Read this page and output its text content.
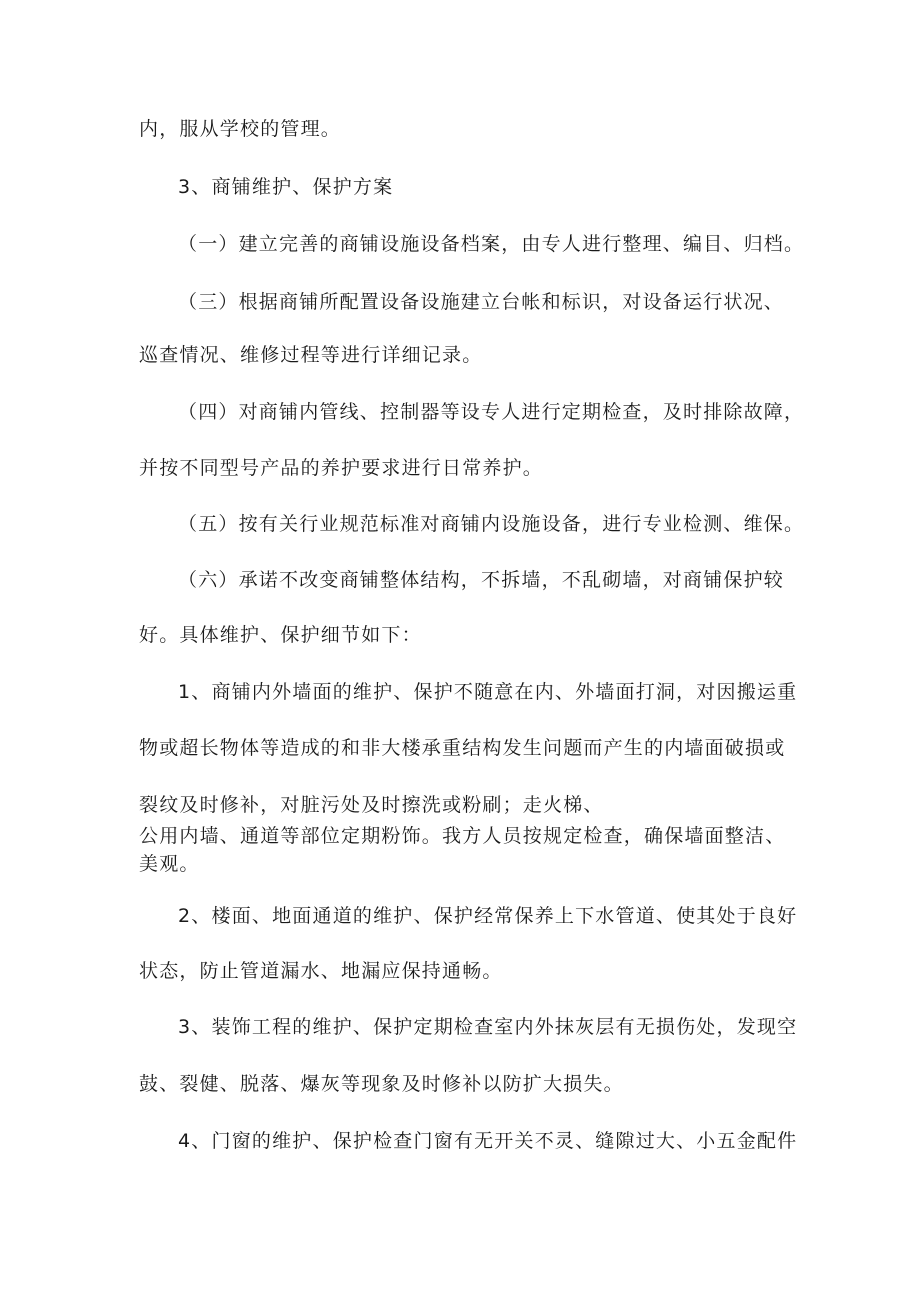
内，服从学校的管理。
3、商铺维护、保护方案
（一）建立完善的商铺设施设备档案，由专人进行整理、编目、归档。
（三）根据商铺所配置设备设施建立台帐和标识，对设备运行状况、
巡查情况、维修过程等进行详细记录。
（四）对商铺内管线、控制器等设专人进行定期检查，及时排除故障，
并按不同型号产品的养护要求进行日常养护。
（五）按有关行业规范标准对商铺内设施设备，进行专业检测、维保。
（六）承诺不改变商铺整体结构，不拆墙，不乱砌墙，对商铺保护较
好。具体维护、保护细节如下：
1、商铺内外墙面的维护、保护不随意在内、外墙面打洞，对因搬运重
物或超长物体等造成的和非大楼承重结构发生问题而产生的内墙面破损或
裂纹及时修补，对脏污处及时擦洗或粉刷；走火梯、
公用内墙、通道等部位定期粉饰。我方人员按规定检查，确保墙面整洁、
美观。
2、楼面、地面通道的维护、保护经常保养上下水管道、使其处于良好
状态，防止管道漏水、地漏应保持通畅。
3、装饰工程的维护、保护定期检查室内外抹灰层有无损伤处，发现空
鼓、裂健、脱落、爆灰等现象及时修补以防扩大损失。
4、门窗的维护、保护检查门窗有无开关不灵、缝隙过大、小五金配件
